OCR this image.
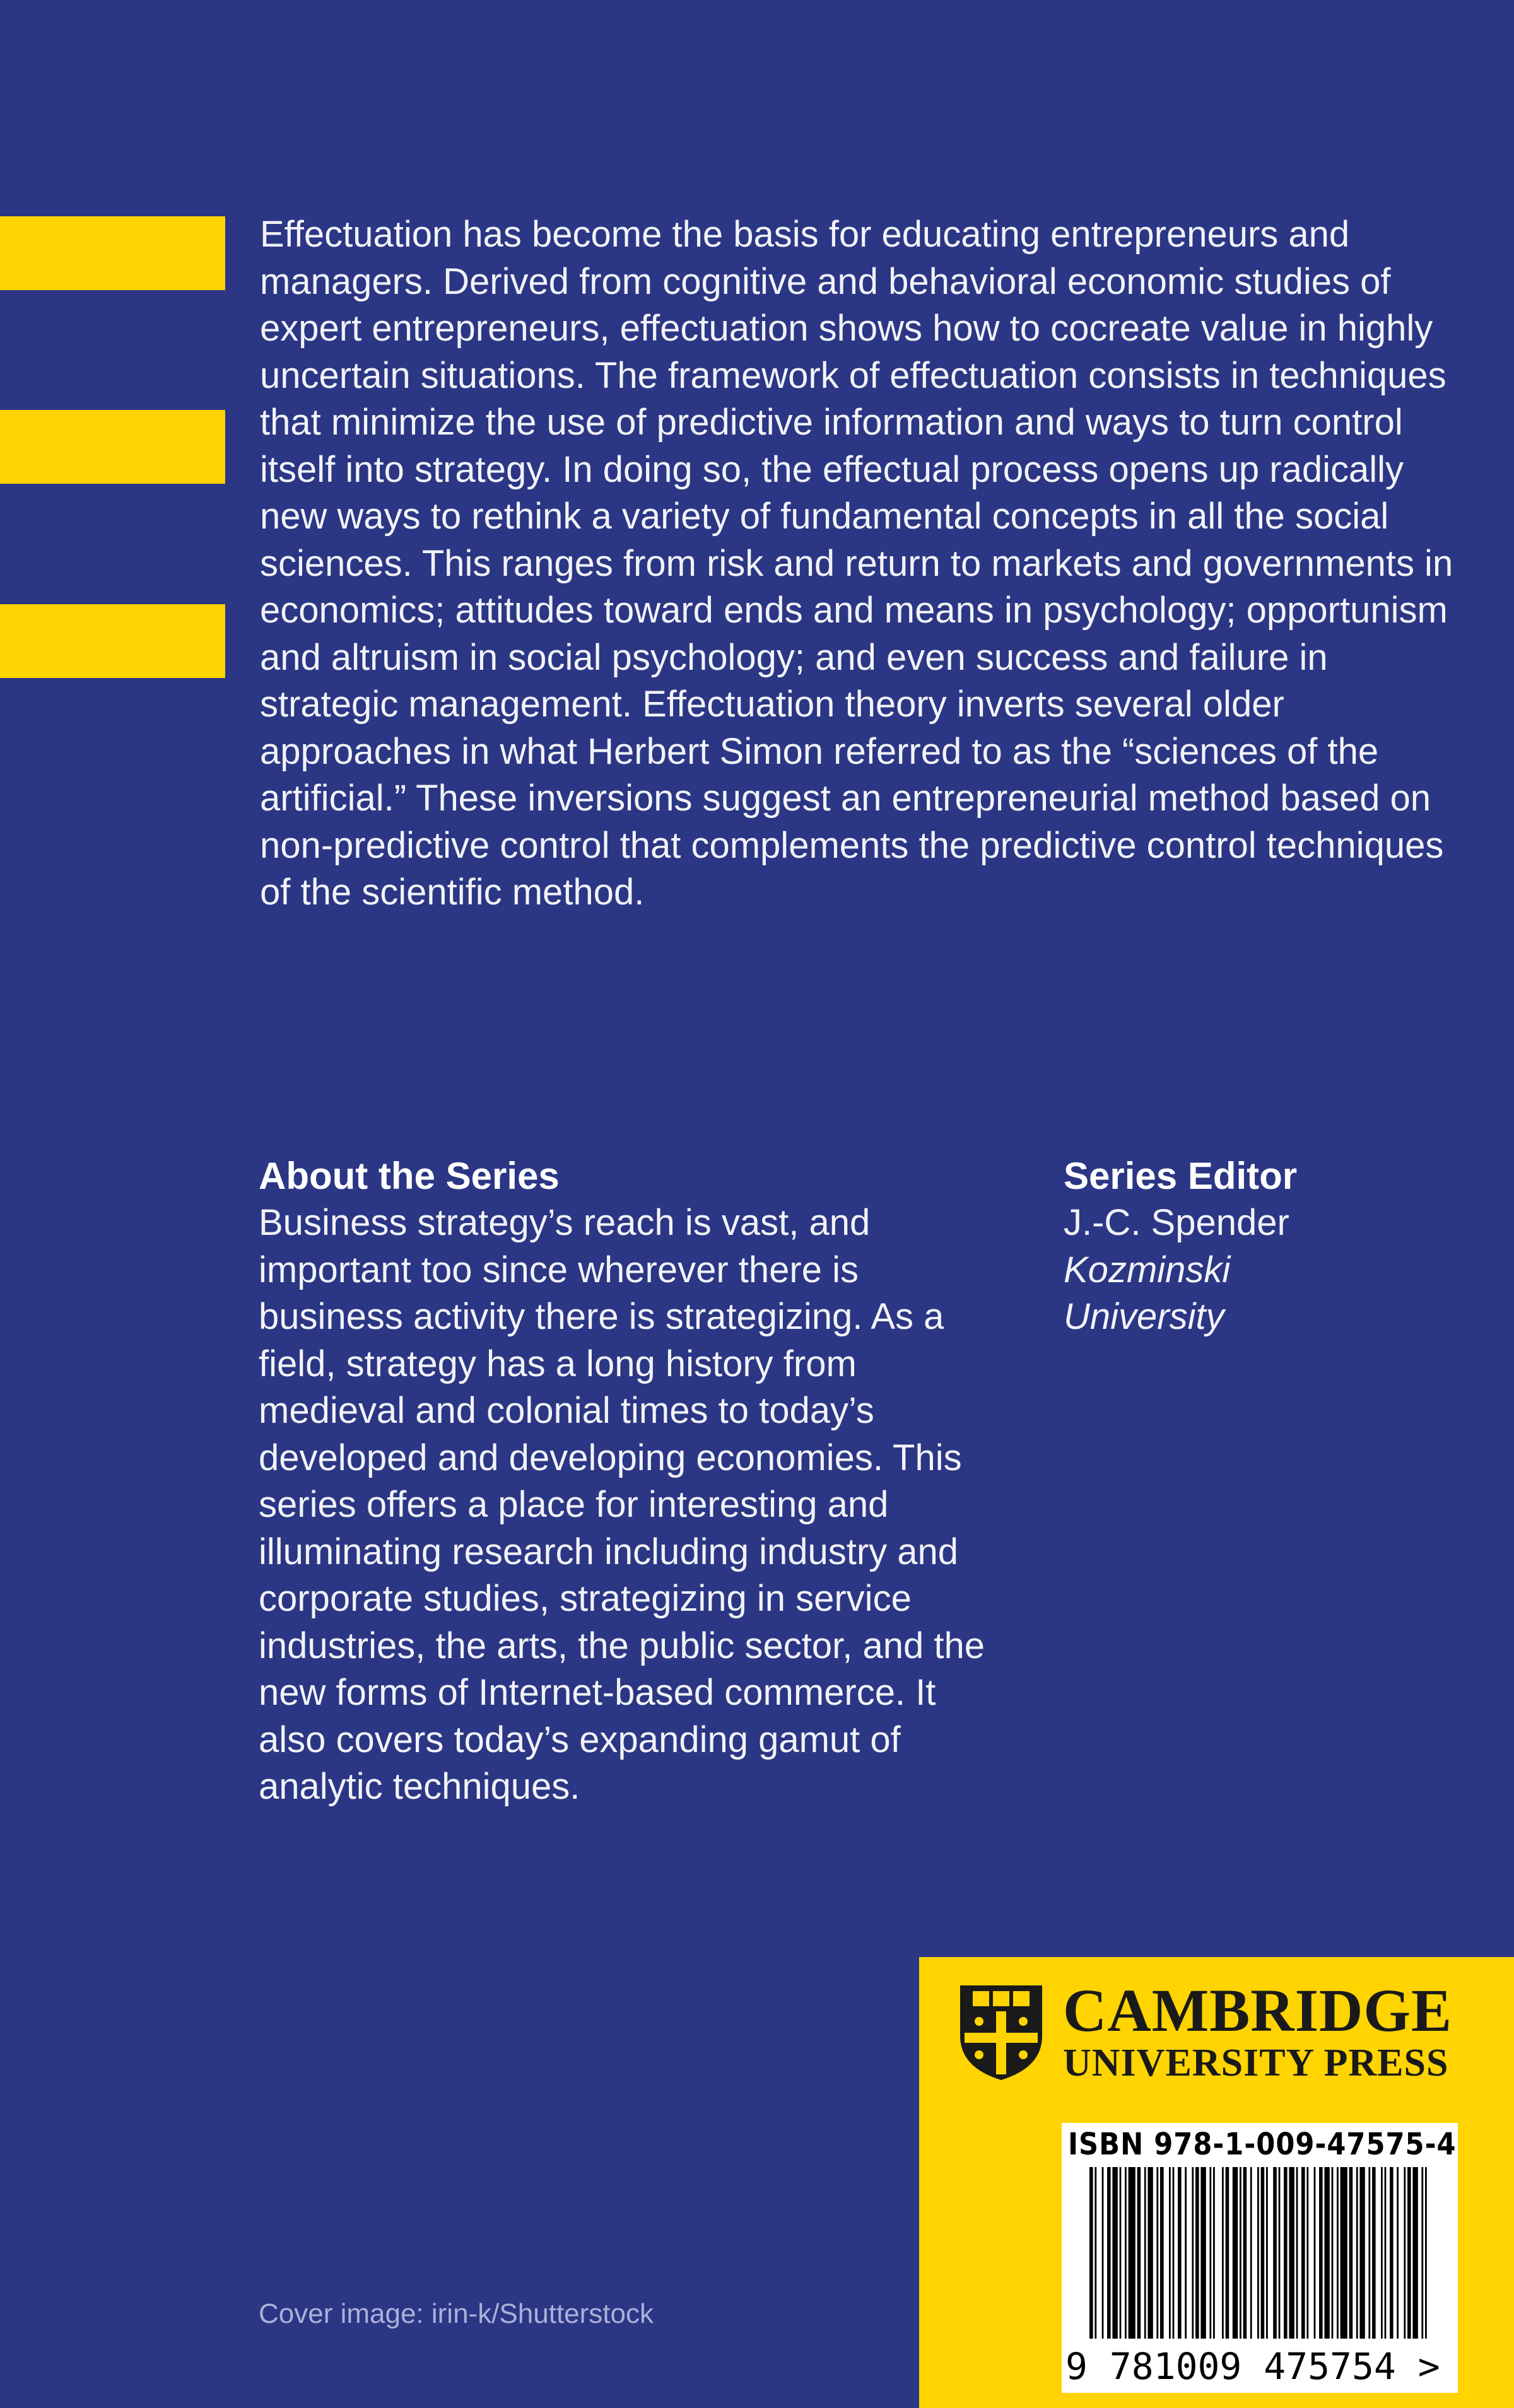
Effectuation has become the basis for educating entrepreneurs and managers. Derived from cognitive and behavioral economic studies of expert entrepreneurs, effectuation shows how to cocreate value in highly uncertain situations. The framework of effectuation consists in techniques that minimize the use of predictive information and ways to turn control itself into strategy. In doing so, the effectual process opens up radically new ways to rethink a variety of fundamental concepts in all the social sciences. This ranges from risk and return to markets and governments in economics; attitudes toward ends and means in psychology; opportunism and altruism in social psychology; and even success and failure in strategic management. Effectuation theory inverts several older approaches in what Herbert Simon referred to as the “sciences of the artificial.” These inversions suggest an entrepreneurial method based on non-predictive control that complements the predictive control techniques of the scientific method.

About the Series

Business strategy’s reach is vast, and important too since wherever there is business activity there is strategizing. As a field, strategy has a long history from medieval and colonial times to today’s developed and developing economies. This series offers a place for interesting and illuminating research including industry and corporate studies, strategizing in service industries, the arts, the public sector, and the new forms of Internet-based commerce. It also covers today’s expanding gamut of analytic techniques.

Series Editor
J.-C. Spender
Kozminski
University
Cover image: irin-k/Shutterstock
CAMBRIDGE
UNIVERSITY PRESS
ISBN 978-1-009-47575-4
9 781009 475754 >
